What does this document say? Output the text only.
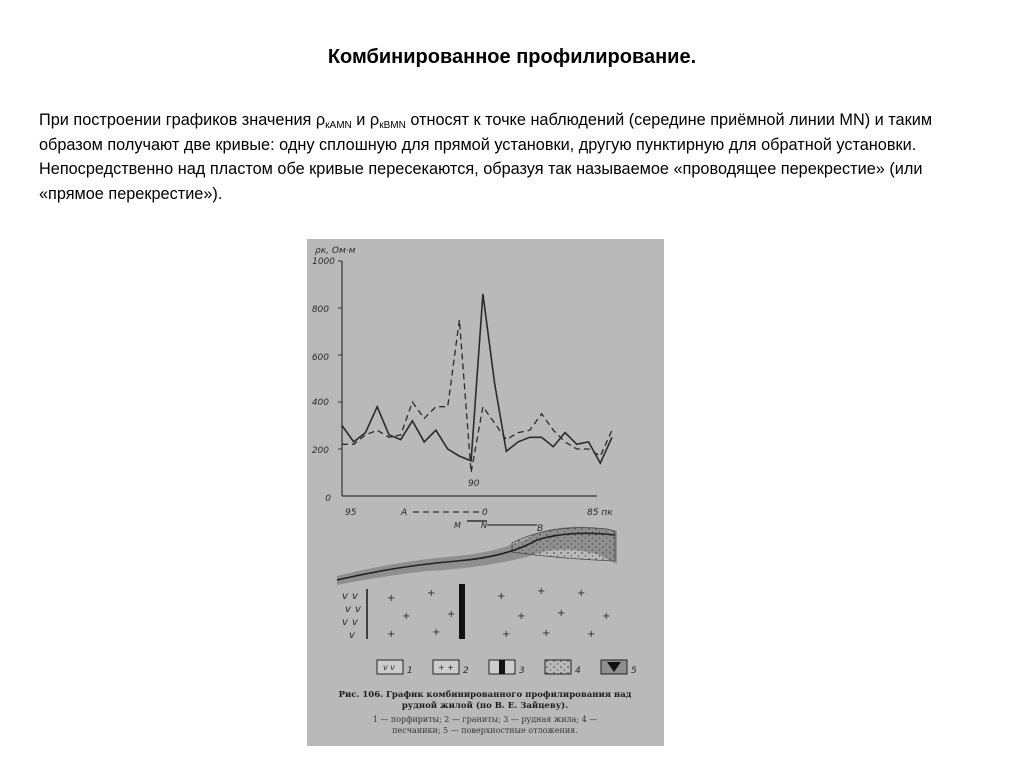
Комбинированное профилирование.
При построении графиков значения $\rho_{кAMN}$ и $\rho_{кBMN}$ относят к точке наблюдений (середине приёмной линии MN) и таким образом получают две кривые: одну сплошную для прямой установки, другую пунктирную для обратной установки. Непосредственно над пластом обе кривые пересекаются, образуя так называемое «проводящее перекрестие» (или «прямое перекрестие»).
ρк, Ом·м
1000
800
600
400
200
0
90
95	0	85 пк
A
M	N	B
v v
v v
v v
v
+	+	+	+	+
+	+	+	+	+
+	+	+	+	+
v v 1	+ + 2	3	4	5
Рис. 106. График комбинированного профилирования над
рудной жилой (по В. Е. Зайцеву).
1 — порфириты; 2 — граниты; 3 — рудная жила; 4 —
песчаники; 5 — поверхностные отложения.
